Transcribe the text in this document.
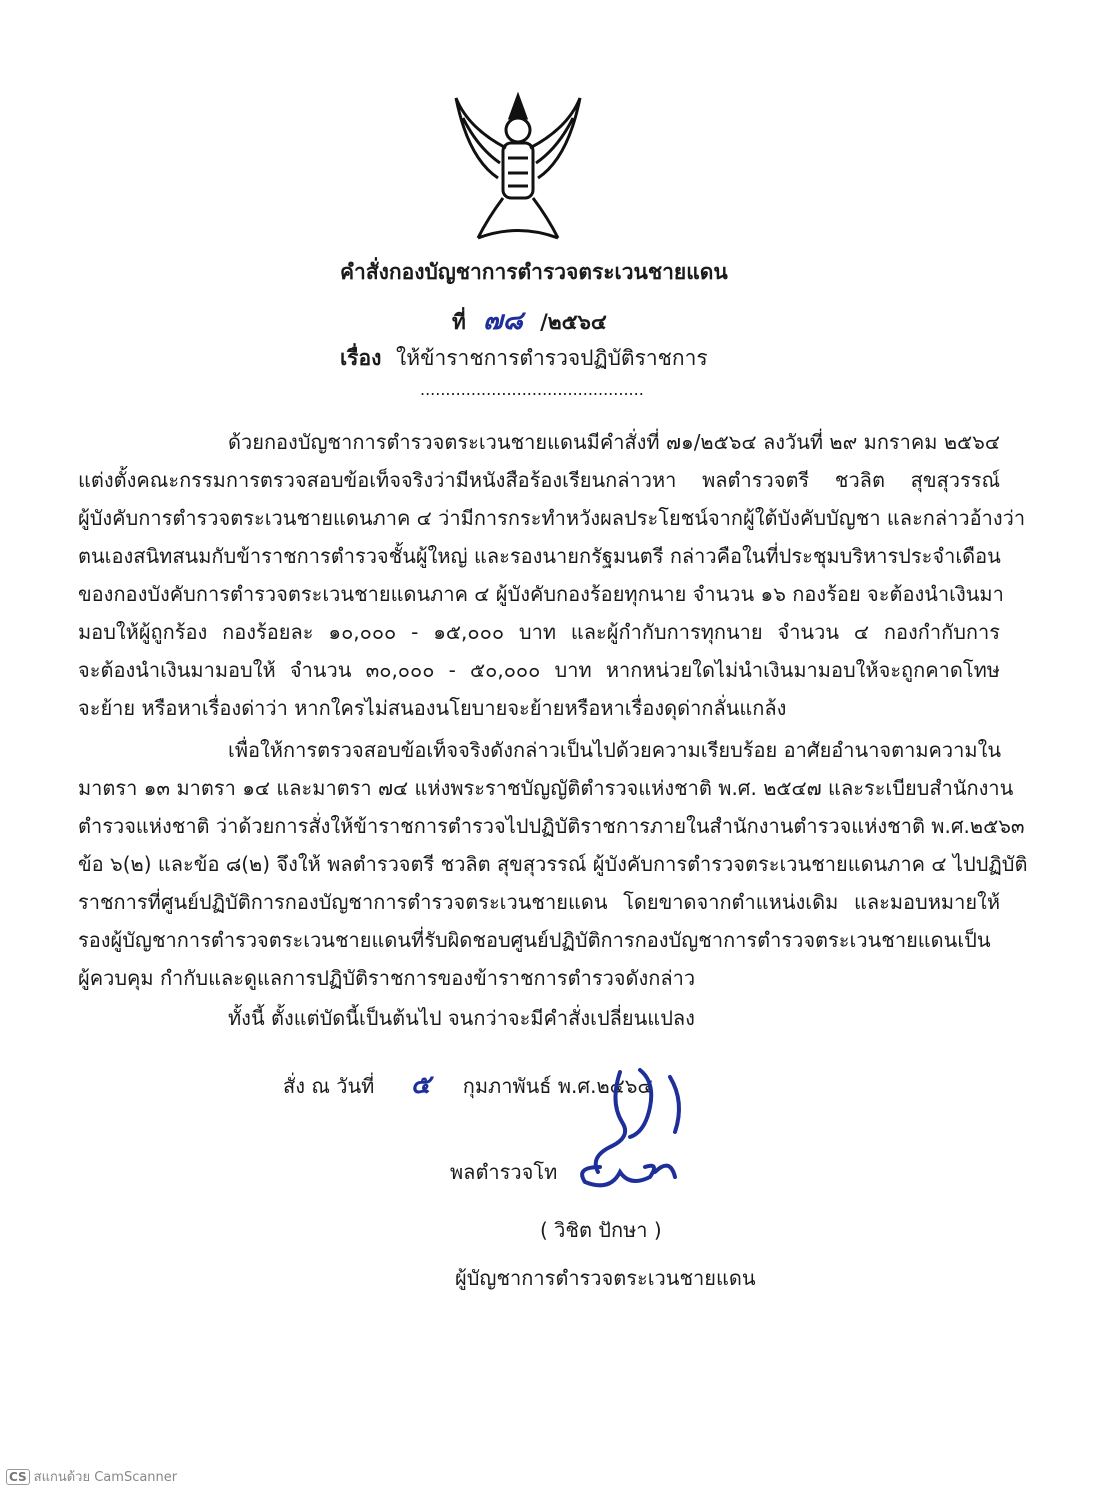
คำสั่งกองบัญชาการตำรวจตระเวนชายแดน
ที่ ๗๘ /๒๕๖๔
เรื่อง ให้ข้าราชการตำรวจปฏิบัติราชการ
............................................
ด้วยกองบัญชาการตำรวจตระเวนชายแดนมีคำสั่งที่ ๗๑/๒๕๖๔ ลงวันที่ ๒๙ มกราคม ๒๕๖๔
แต่งตั้งคณะกรรมการตรวจสอบข้อเท็จจริงว่ามีหนังสือร้องเรียนกล่าวหา พลตำรวจตรี ชวลิต สุขสุวรรณ์
ผู้บังคับการตำรวจตระเวนชายแดนภาค ๔ ว่ามีการกระทำหวังผลประโยชน์จากผู้ใต้บังคับบัญชา และกล่าวอ้างว่า
ตนเองสนิทสนมกับข้าราชการตำรวจชั้นผู้ใหญ่ และรองนายกรัฐมนตรี กล่าวคือในที่ประชุมบริหารประจำเดือน
ของกองบังคับการตำรวจตระเวนชายแดนภาค ๔ ผู้บังคับกองร้อยทุกนาย จำนวน ๑๖ กองร้อย จะต้องนำเงินมา
มอบให้ผู้ถูกร้อง กองร้อยละ ๑๐,๐๐๐ - ๑๕,๐๐๐ บาท และผู้กำกับการทุกนาย จำนวน ๔ กองกำกับการ
จะต้องนำเงินมามอบให้ จำนวน ๓๐,๐๐๐ - ๕๐,๐๐๐ บาท หากหน่วยใดไม่นำเงินมามอบให้จะถูกคาดโทษ
จะย้าย หรือหาเรื่องด่าว่า หากใครไม่สนองนโยบายจะย้ายหรือหาเรื่องดุด่ากลั่นแกล้ง
เพื่อให้การตรวจสอบข้อเท็จจริงดังกล่าวเป็นไปด้วยความเรียบร้อย อาศัยอำนาจตามความใน
มาตรา ๑๓ มาตรา ๑๔ และมาตรา ๗๔ แห่งพระราชบัญญัติตำรวจแห่งชาติ พ.ศ. ๒๕๔๗ และระเบียบสำนักงาน
ตำรวจแห่งชาติ ว่าด้วยการสั่งให้ข้าราชการตำรวจไปปฏิบัติราชการภายในสำนักงานตำรวจแห่งชาติ พ.ศ.๒๕๖๓
ข้อ ๖(๒) และข้อ ๘(๒) จึงให้ พลตำรวจตรี ชวลิต สุขสุวรรณ์ ผู้บังคับการตำรวจตระเวนชายแดนภาค ๔ ไปปฏิบัติ
ราชการที่ศูนย์ปฏิบัติการกองบัญชาการตำรวจตระเวนชายแดน โดยขาดจากตำแหน่งเดิม และมอบหมายให้
รองผู้บัญชาการตำรวจตระเวนชายแดนที่รับผิดชอบศูนย์ปฏิบัติการกองบัญชาการตำรวจตระเวนชายแดนเป็น
ผู้ควบคุม กำกับและดูแลการปฏิบัติราชการของข้าราชการตำรวจดังกล่าว
ทั้งนี้ ตั้งแต่บัดนี้เป็นต้นไป จนกว่าจะมีคำสั่งเปลี่ยนแปลง
สั่ง ณ วันที่ ๕ กุมภาพันธ์ พ.ศ.๒๕๖๔
พลตำรวจโท
( วิชิต ปักษา )
ผู้บัญชาการตำรวจตระเวนชายแดน
CS สแกนด้วย CamScanner
